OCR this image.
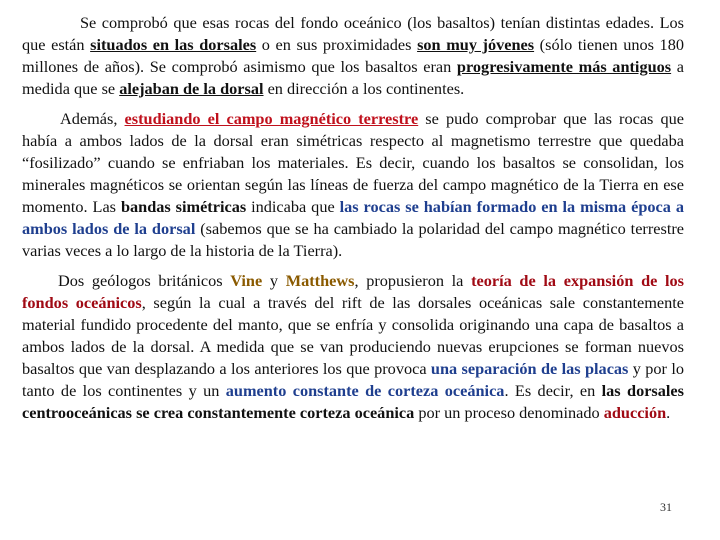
Se comprobó que esas rocas del fondo oceánico (los basaltos) tenían distintas edades. Los que están situados en las dorsales o en sus proximidades son muy jóvenes (sólo tienen unos 180 millones de años). Se comprobó asimismo que los basaltos eran progresivamente más antiguos a medida que se alejaban de la dorsal en dirección a los continentes.

Además, estudiando el campo magnético terrestre se pudo comprobar que las rocas que había a ambos lados de la dorsal eran simétricas respecto al magnetismo terrestre que quedaba “fosilizado” cuando se enfriaban los materiales. Es decir, cuando los basaltos se consolidan, los minerales magnéticos se orientan según las líneas de fuerza del campo magnético de la Tierra en ese momento. Las bandas simétricas indicaba que las rocas se habían formado en la misma época a ambos lados de la dorsal (sabemos que se ha cambiado la polaridad del campo magnético terrestre varias veces a lo largo de la historia de la Tierra).

Dos geólogos británicos Vine y Matthews, propusieron la teoría de la expansión de los fondos oceánicos, según la cual a través del rift de las dorsales oceánicas sale constantemente material fundido procedente del manto, que se enfría y consolida originando una capa de basaltos a ambos lados de la dorsal. A medida que se van produciendo nuevas erupciones se forman nuevos basaltos que van desplazando a los anteriores los que provoca una separación de las placas y por lo tanto de los continentes y un aumento constante de corteza oceánica. Es decir, en las dorsales centrooceánicas se crea constantemente corteza oceánica por un proceso denominado aducción.

31
